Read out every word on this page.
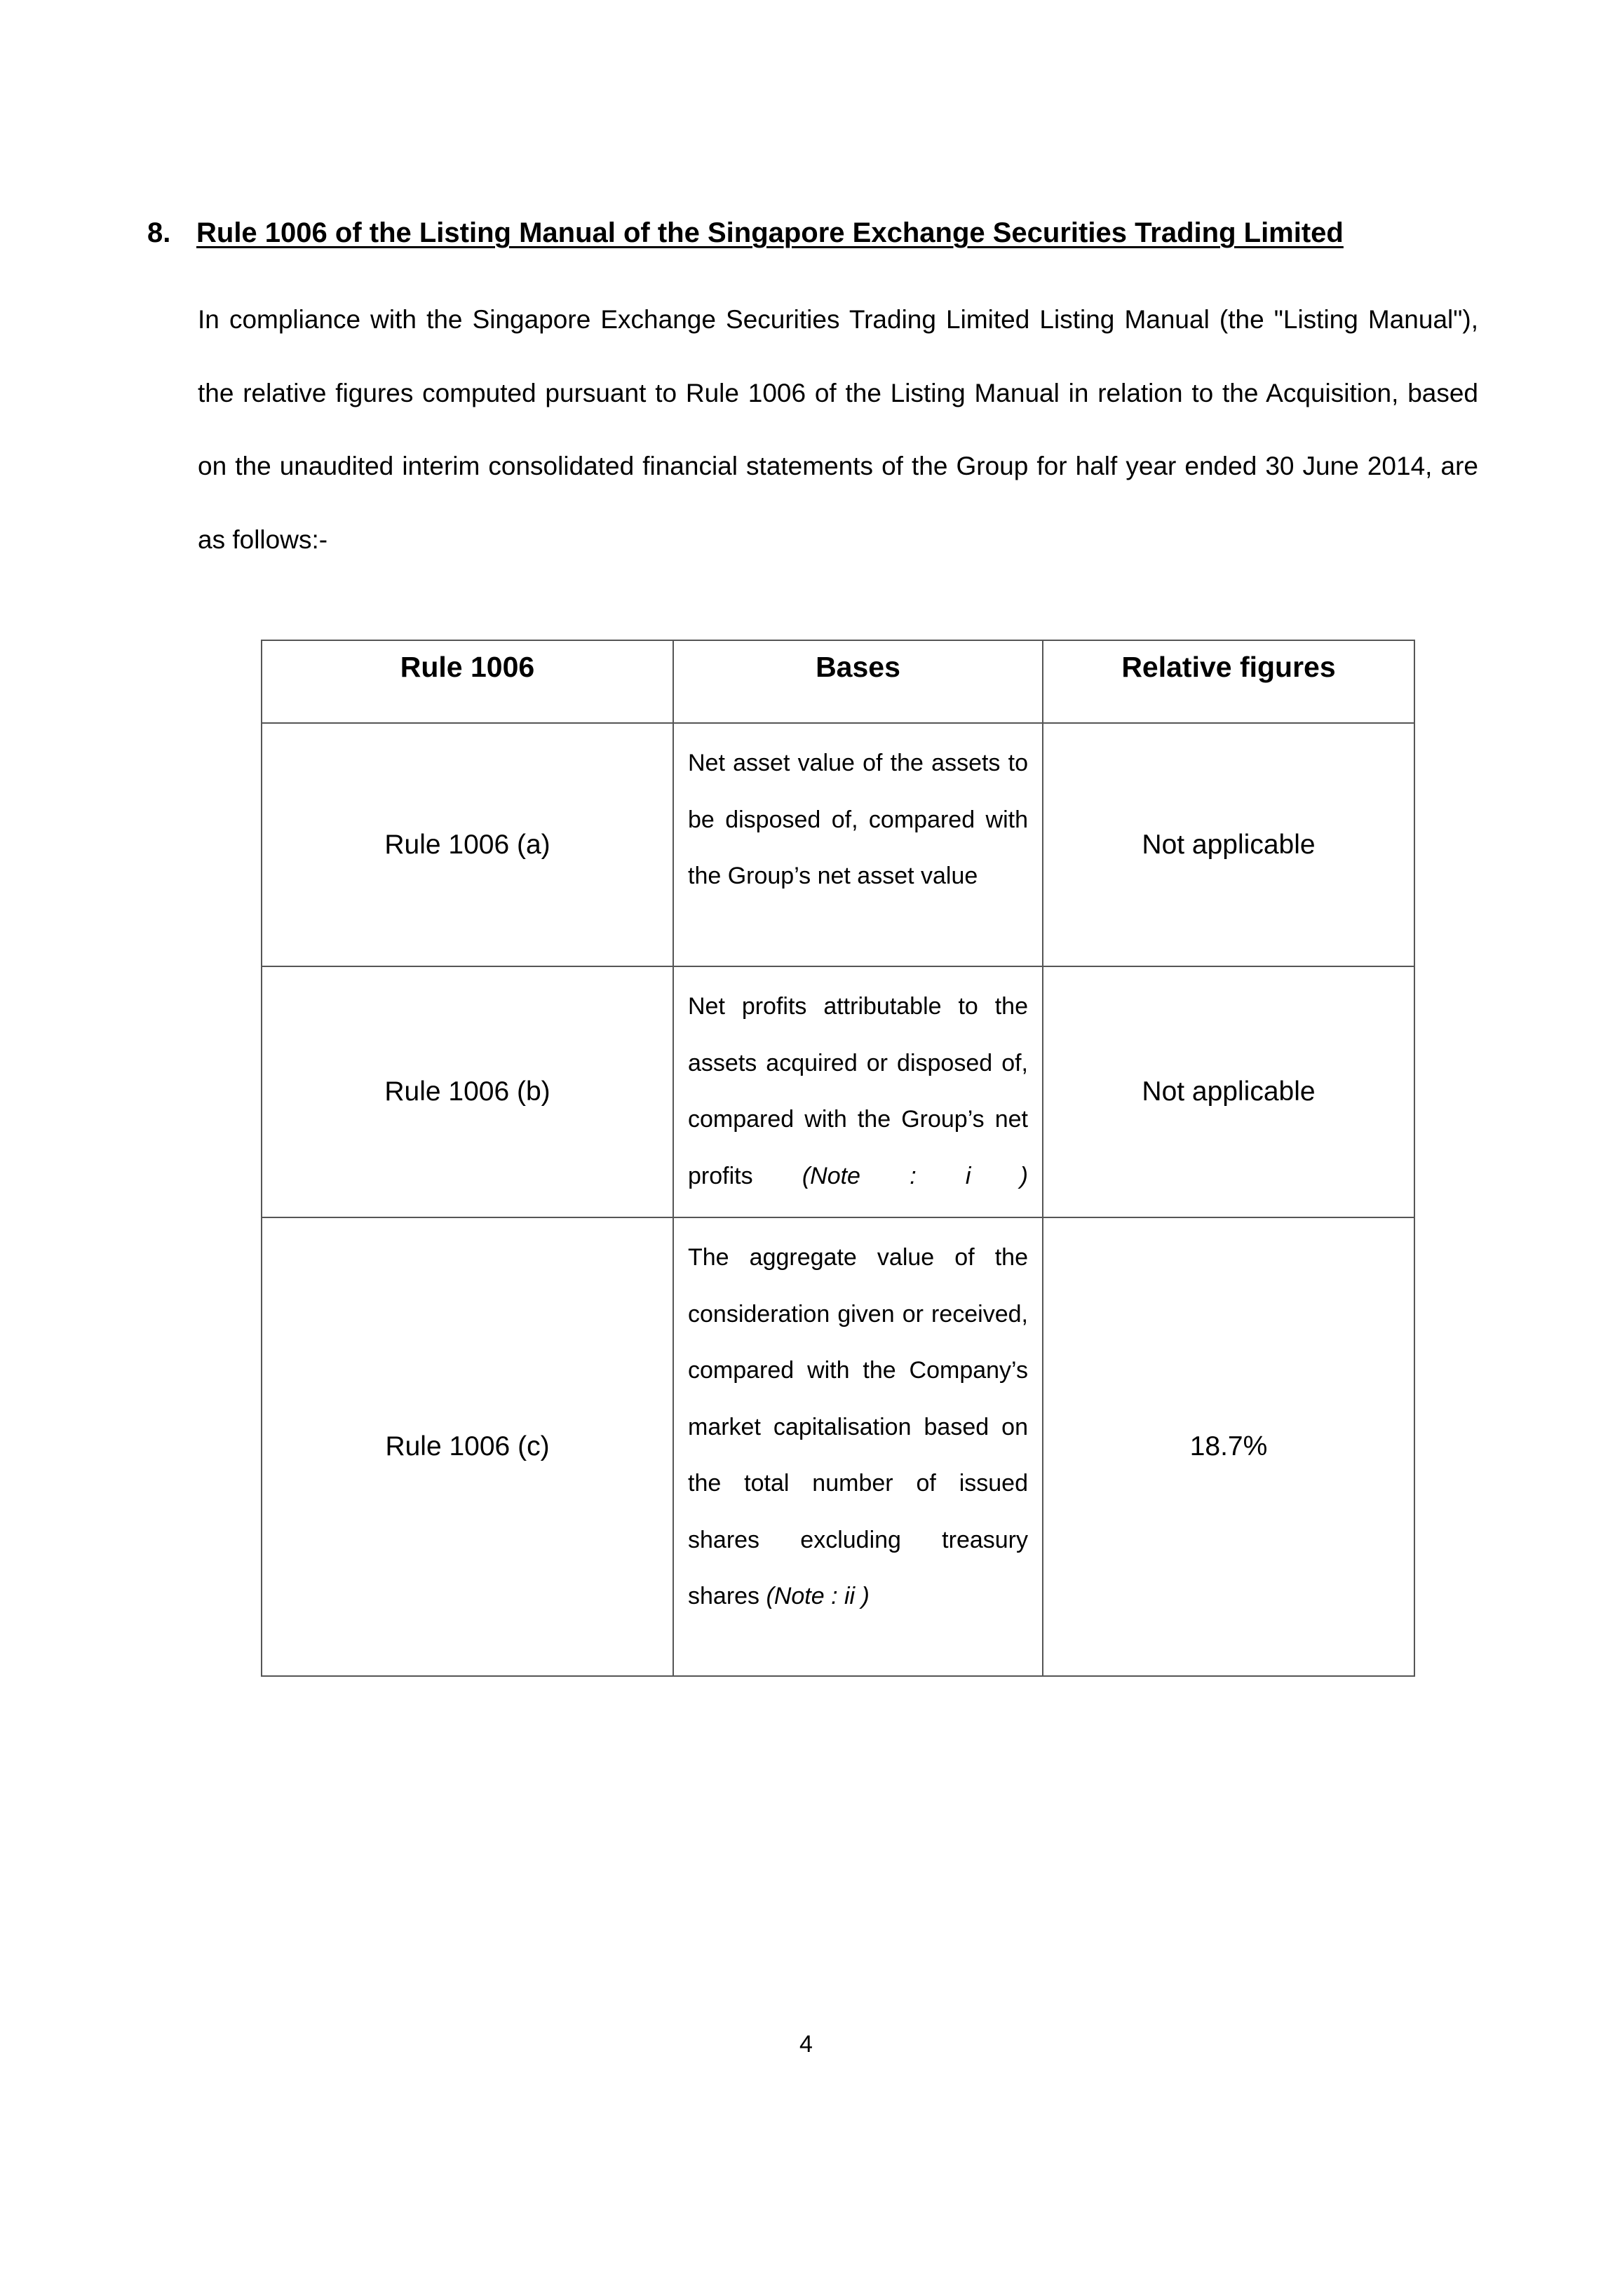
8. Rule 1006 of the Listing Manual of the Singapore Exchange Securities Trading Limited

In compliance with the Singapore Exchange Securities Trading Limited Listing Manual (the "Listing Manual"), the relative figures computed pursuant to Rule 1006 of the Listing Manual in relation to the Acquisition, based on the unaudited interim consolidated financial statements of the Group for half year ended 30 June 2014, are as follows:-

Rule 1006	Bases	Relative figures
Rule 1006 (a)	Net asset value of the assets to be disposed of, compared with the Group’s net asset value	Not applicable
Rule 1006 (b)	Net profits attributable to the assets acquired or disposed of, compared with the Group’s net profits (Note : i )	Not applicable
Rule 1006 (c)	The aggregate value of the consideration given or received, compared with the Company’s market capitalisation based on the total number of issued shares excluding treasury shares (Note : ii )	18.7%
4
